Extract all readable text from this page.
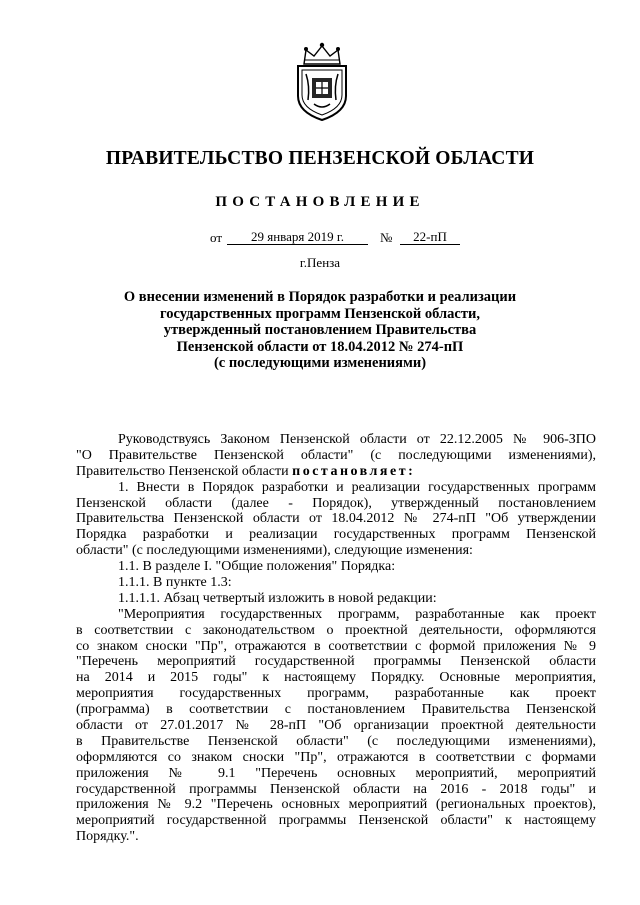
ПРАВИТЕЛЬСТВО ПЕНЗЕНСКОЙ ОБЛАСТИ
ПОСТАНОВЛЕНИЕ
от	29 января 2019 г.	№	22-пП
г.Пенза
О внесении изменений в Порядок разработки и реализации
государственных программ Пензенской области,
утвержденный постановлением Правительства
Пензенской области от 18.04.2012 № 274-пП
(с последующими изменениями)
Руководствуясь Законом Пензенской области от 22.12.2005 № 906-ЗПО
"О Правительстве Пензенской области" (с последующими изменениями),
Правительство Пензенской области постановляет:
1. Внести в Порядок разработки и реализации государственных программ
Пензенской области (далее - Порядок), утвержденный постановлением
Правительства Пензенской области от 18.04.2012 № 274-пП "Об утверждении
Порядка разработки и реализации государственных программ Пензенской
области" (с последующими изменениями), следующие изменения:
1.1. В разделе I. "Общие положения" Порядка:
1.1.1. В пункте 1.3:
1.1.1.1. Абзац четвертый изложить в новой редакции:
"Мероприятия государственных программ, разработанные как проект
в соответствии с законодательством о проектной деятельности, оформляются
со знаком сноски "Пр", отражаются в соответствии с формой приложения № 9
"Перечень мероприятий государственной программы Пензенской области
на 2014 и 2015 годы" к настоящему Порядку. Основные мероприятия,
мероприятия государственных программ, разработанные как проект
(программа) в соответствии с постановлением Правительства Пензенской
области от 27.01.2017 № 28-пП "Об организации проектной деятельности
в Правительстве Пензенской области" (с последующими изменениями),
оформляются со знаком сноски "Пр", отражаются в соответствии с формами
приложения № 9.1 "Перечень основных мероприятий, мероприятий
государственной программы Пензенской области на 2016 - 2018 годы" и
приложения № 9.2 "Перечень основных мероприятий (региональных проектов),
мероприятий государственной программы Пензенской области" к настоящему
Порядку.".
